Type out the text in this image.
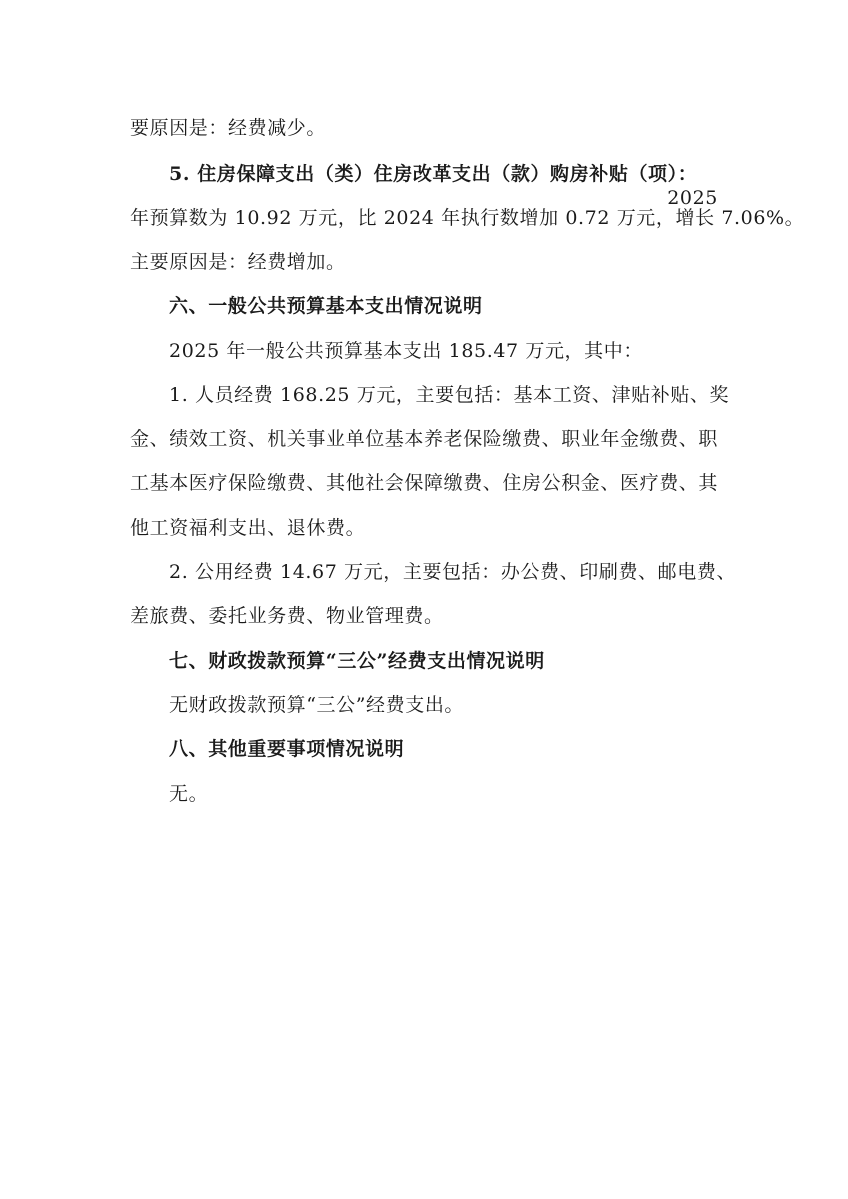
要原因是：经费减少。
5. 住房保障支出（类）住房改革支出（款）购房补贴（项）：
2025
年预算数为 10.92 万元，比 2024 年执行数增加 0.72 万元，增长 7.06%。
主要原因是：经费增加。
六、一般公共预算基本支出情况说明
2025 年一般公共预算基本支出 185.47 万元，其中：
1. 人员经费 168.25 万元，主要包括：基本工资、津贴补贴、奖
金、绩效工资、机关事业单位基本养老保险缴费、职业年金缴费、职
工基本医疗保险缴费、其他社会保障缴费、住房公积金、医疗费、其
他工资福利支出、退休费。
2. 公用经费 14.67 万元，主要包括：办公费、印刷费、邮电费、
差旅费、委托业务费、物业管理费。
七、财政拨款预算“三公”经费支出情况说明
无财政拨款预算“三公”经费支出。
八、其他重要事项情况说明
无。
